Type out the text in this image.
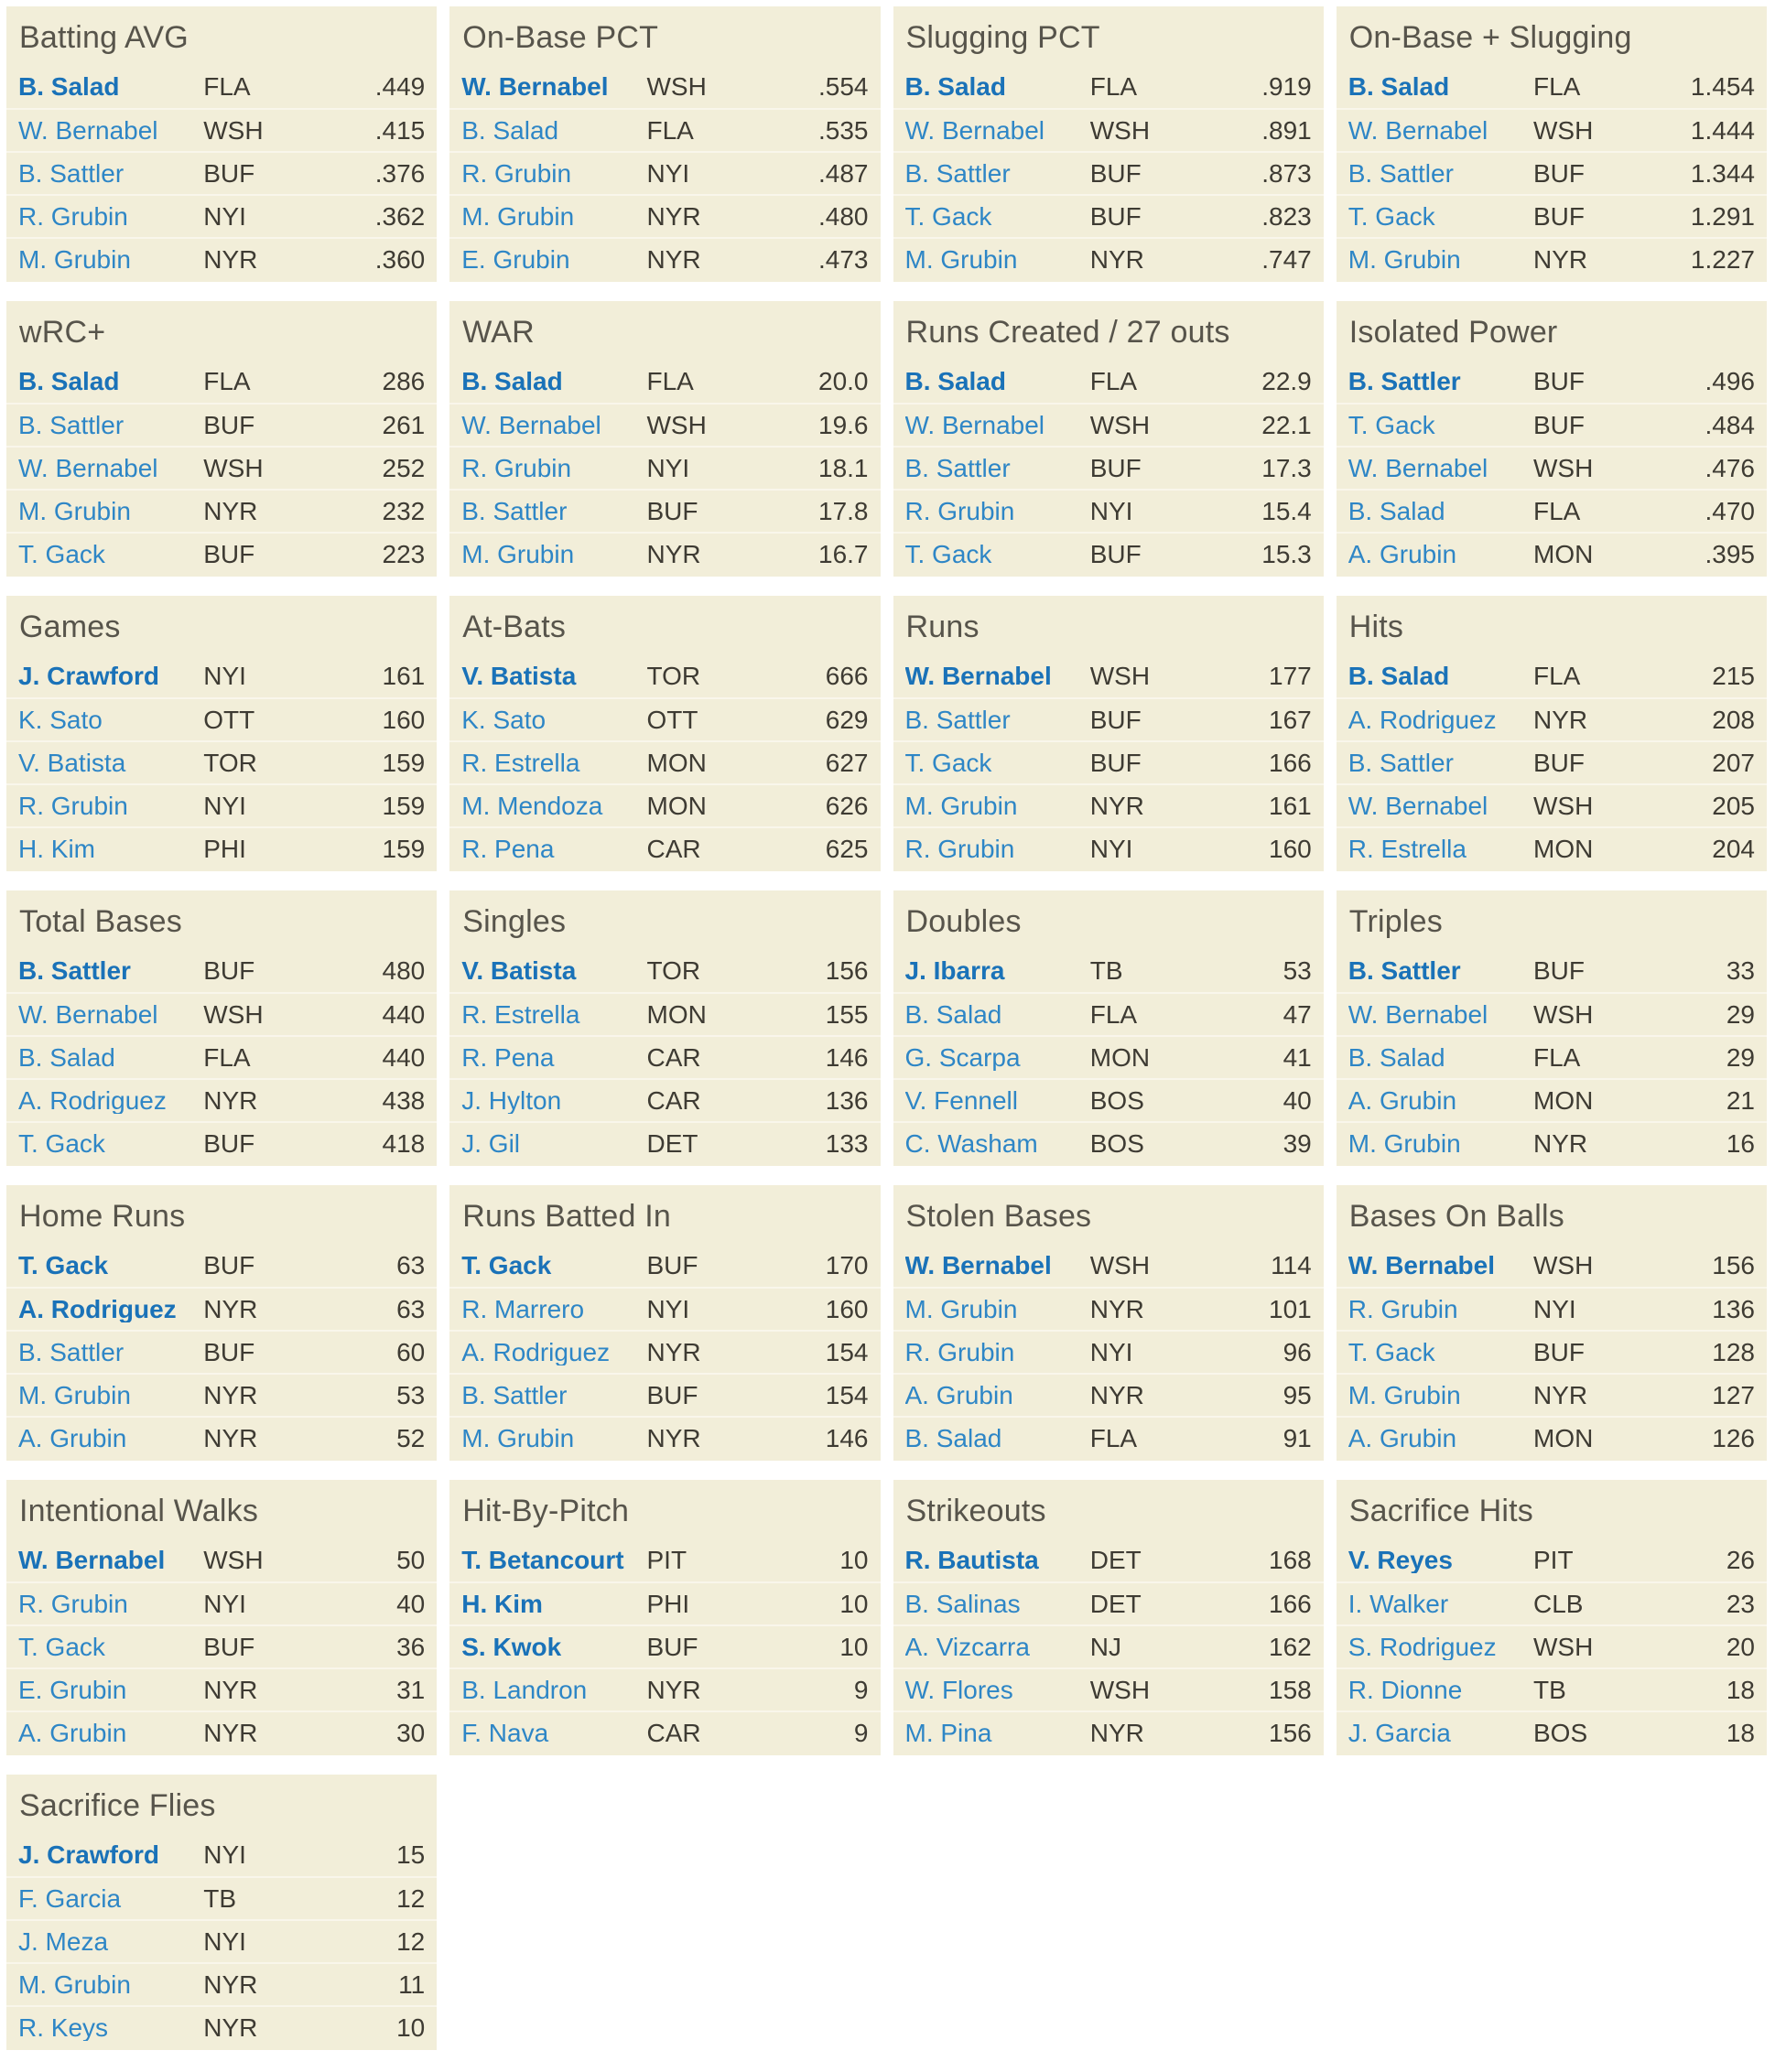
Batting AVG
B. Salad	FLA	.449
W. Bernabel	WSH	.415
B. Sattler	BUF	.376
R. Grubin	NYI	.362
M. Grubin	NYR	.360
On-Base PCT
W. Bernabel	WSH	.554
B. Salad	FLA	.535
R. Grubin	NYI	.487
M. Grubin	NYR	.480
E. Grubin	NYR	.473
Slugging PCT
B. Salad	FLA	.919
W. Bernabel	WSH	.891
B. Sattler	BUF	.873
T. Gack	BUF	.823
M. Grubin	NYR	.747
On-Base + Slugging
B. Salad	FLA	1.454
W. Bernabel	WSH	1.444
B. Sattler	BUF	1.344
T. Gack	BUF	1.291
M. Grubin	NYR	1.227
wRC+
B. Salad	FLA	286
B. Sattler	BUF	261
W. Bernabel	WSH	252
M. Grubin	NYR	232
T. Gack	BUF	223
WAR
B. Salad	FLA	20.0
W. Bernabel	WSH	19.6
R. Grubin	NYI	18.1
B. Sattler	BUF	17.8
M. Grubin	NYR	16.7
Runs Created / 27 outs
B. Salad	FLA	22.9
W. Bernabel	WSH	22.1
B. Sattler	BUF	17.3
R. Grubin	NYI	15.4
T. Gack	BUF	15.3
Isolated Power
B. Sattler	BUF	.496
T. Gack	BUF	.484
W. Bernabel	WSH	.476
B. Salad	FLA	.470
A. Grubin	MON	.395
Games
J. Crawford	NYI	161
K. Sato	OTT	160
V. Batista	TOR	159
R. Grubin	NYI	159
H. Kim	PHI	159
At-Bats
V. Batista	TOR	666
K. Sato	OTT	629
R. Estrella	MON	627
M. Mendoza	MON	626
R. Pena	CAR	625
Runs
W. Bernabel	WSH	177
B. Sattler	BUF	167
T. Gack	BUF	166
M. Grubin	NYR	161
R. Grubin	NYI	160
Hits
B. Salad	FLA	215
A. Rodriguez	NYR	208
B. Sattler	BUF	207
W. Bernabel	WSH	205
R. Estrella	MON	204
Total Bases
B. Sattler	BUF	480
W. Bernabel	WSH	440
B. Salad	FLA	440
A. Rodriguez	NYR	438
T. Gack	BUF	418
Singles
V. Batista	TOR	156
R. Estrella	MON	155
R. Pena	CAR	146
J. Hylton	CAR	136
J. Gil	DET	133
Doubles
J. Ibarra	TB	53
B. Salad	FLA	47
G. Scarpa	MON	41
V. Fennell	BOS	40
C. Washam	BOS	39
Triples
B. Sattler	BUF	33
W. Bernabel	WSH	29
B. Salad	FLA	29
A. Grubin	MON	21
M. Grubin	NYR	16
Home Runs
T. Gack	BUF	63
A. Rodriguez	NYR	63
B. Sattler	BUF	60
M. Grubin	NYR	53
A. Grubin	NYR	52
Runs Batted In
T. Gack	BUF	170
R. Marrero	NYI	160
A. Rodriguez	NYR	154
B. Sattler	BUF	154
M. Grubin	NYR	146
Stolen Bases
W. Bernabel	WSH	114
M. Grubin	NYR	101
R. Grubin	NYI	96
A. Grubin	NYR	95
B. Salad	FLA	91
Bases On Balls
W. Bernabel	WSH	156
R. Grubin	NYI	136
T. Gack	BUF	128
M. Grubin	NYR	127
A. Grubin	MON	126
Intentional Walks
W. Bernabel	WSH	50
R. Grubin	NYI	40
T. Gack	BUF	36
E. Grubin	NYR	31
A. Grubin	NYR	30
Hit-By-Pitch
T. Betancourt PIT	10
H. Kim	PHI	10
S. Kwok	BUF	10
B. Landron	NYR	9
F. Nava	CAR	9
Strikeouts
R. Bautista	DET	168
B. Salinas	DET	166
A. Vizcarra	NJ	162
W. Flores	WSH	158
M. Pina	NYR	156
Sacrifice Hits
V. Reyes	PIT	26
I. Walker	CLB	23
S. Rodriguez	WSH	20
R. Dionne	TB	18
J. Garcia	BOS	18
Sacrifice Flies
J. Crawford	NYI	15
F. Garcia	TB	12
J. Meza	NYI	12
M. Grubin	NYR	11
R. Keys	NYR	10
